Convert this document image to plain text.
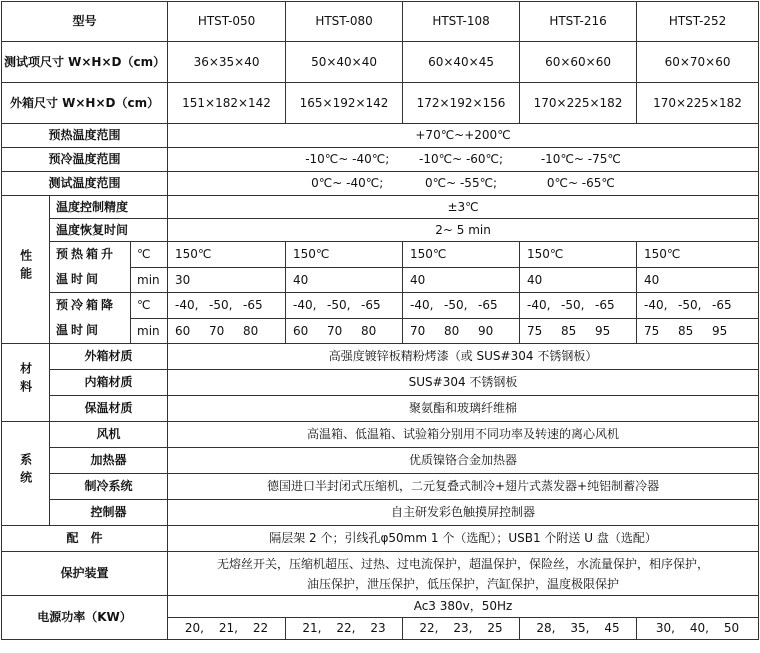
型号			HTST-050	HTST-080	HTST-108	HTST-216	HTST-252
测试项尺寸 W×H×D（cm）			36×35×40	50×40×40	60×40×45	60×60×60	60×70×60
外箱尺寸 W×H×D（cm）			151×182×142	165×192×142	172×192×156	170×225×182	170×225×182
预热温度范围			+70℃~+200℃				
预冷温度范围			-10℃~ -40℃; -10℃~ -60℃; -10℃~ -75℃				
测试温度范围			0℃~ -40℃; 0℃~ -55℃; 0℃~ -65℃				
性能	温度控制精度		±3℃				
	温度恢复时间		2~ 5 min				
	预热箱升温时间	℃	150℃	150℃	150℃	150℃	150℃
		min	30	40	40	40	40
	预冷箱降温时间	℃	-40, -50, -65	-40, -50, -65	-40, -50, -65	-40, -50, -65	-40, -50, -65
		min	60 70 80	60 70 80	70 80 90	75 85 95	75 85 95
材料	外箱材质		高强度镀锌板精粉烤漆（或 SUS#304 不锈钢板）				
	内箱材质		SUS#304 不锈钢板				
	保温材质		聚氨酯和玻璃纤维棉				
系统	风机		高温箱、低温箱、试验箱分别用不同功率及转速的离心风机				
	加热器		优质镍铬合金加热器				
	制冷系统		德国进口半封闭式压缩机，二元复叠式制冷+翅片式蒸发器+纯铝制蓄冷器				
	控制器		自主研发彩色触摸屏控制器				
配　件			隔层架 2 个；引线孔φ50mm 1 个（选配）；USB1 个附送 U 盘（选配）				
保护装置			无熔丝开关，压缩机超压、过热、过电流保护，超温保护，保险丝，水流量保护，相序保护，
油压保护，泄压保护，低压保护，汽缸保护，温度极限保护				

电源功率（KW）			Ac3 380v，50Hz				
			20, 21, 22	21, 22, 23	22, 23, 25	28, 35, 45	30, 40, 50
